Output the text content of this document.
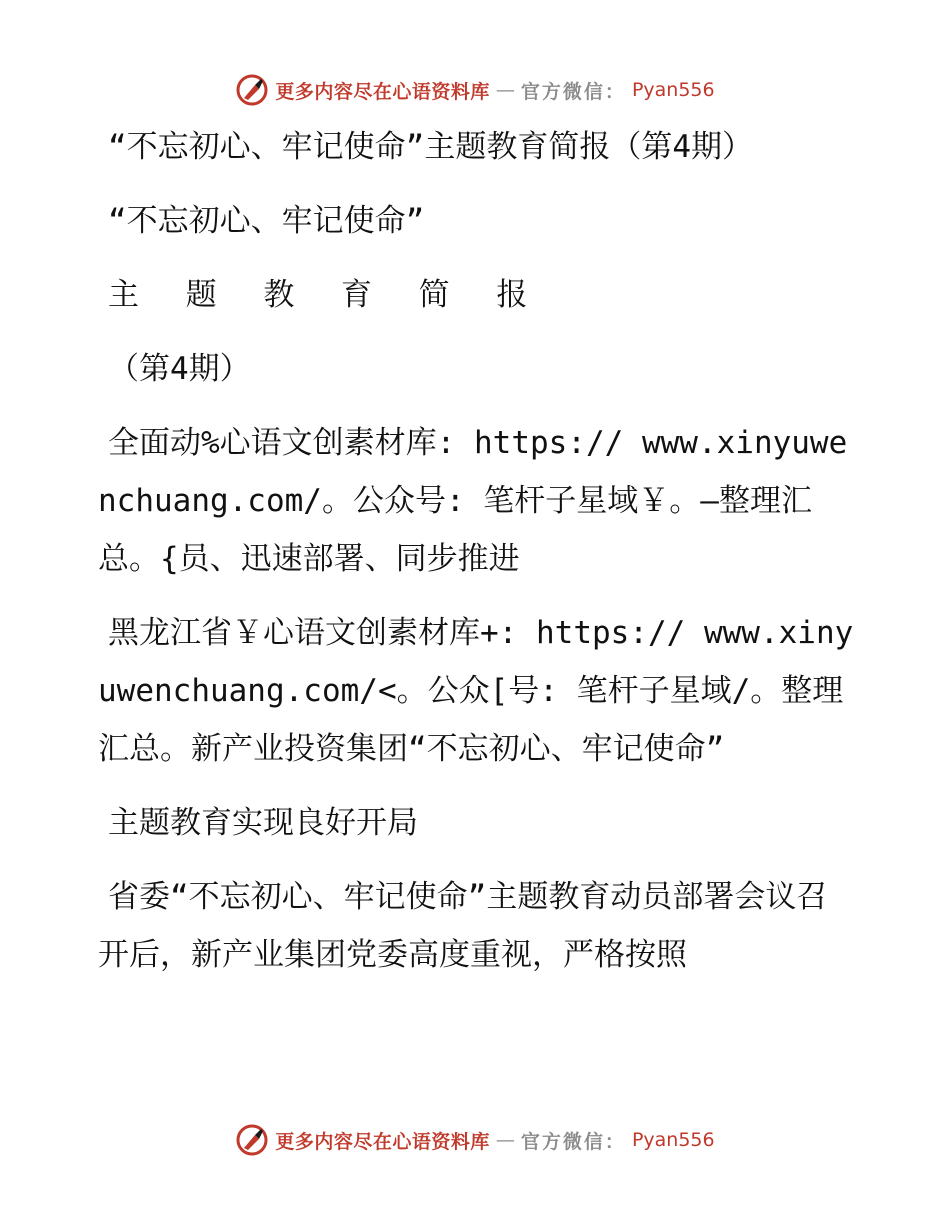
更多内容尽在心语资料库 — 官方微信： Pyan556

“不忘初心、牢记使命”主题教育简报（第4期）

“不忘初心、牢记使命”

主 题 教 育 简 报

（第4期）

全面动%心语文创素材库: https:// www.xinyuwenchuang.com/。公众号: 笔杆子星域￥。—整理汇总。{员、迅速部署、同步推进

黑龙江省￥心语文创素材库+: https:// www.xinyuwenchuang.com/<。公众[号: 笔杆子星域/。整理汇总。新产业投资集团“不忘初心、牢记使命”

主题教育实现良好开局

省委“不忘初心、牢记使命”主题教育动员部署会议召开后，新产业集团党委高度重视，严格按照

更多内容尽在心语资料库 — 官方微信： Pyan556
